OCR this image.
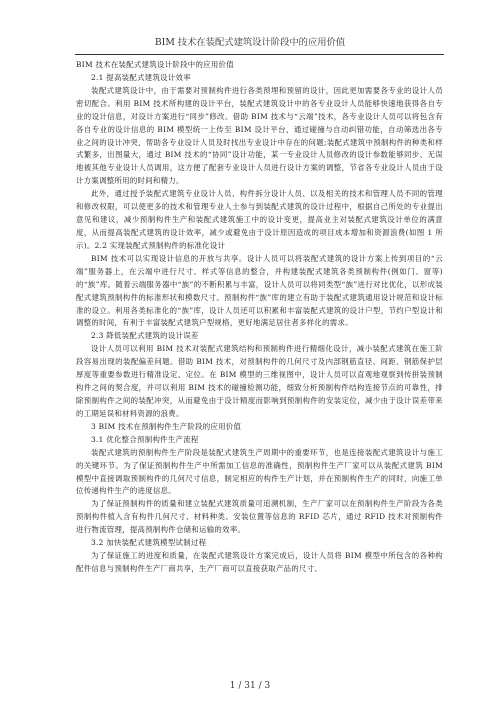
BIM 技术在装配式建筑设计阶段中的应用价值

BIM 技术在装配式建筑设计阶段中的应用价值

2.1 提高装配式建筑设计效率

装配式建筑设计中，由于需要对预制构件进行各类预埋和预留的设计，因此更加需要各专业的设计人员密切配合。利用 BIM 技术所构建的设计平台，装配式建筑设计中的各专业设计人员能够快速地获得各自专业的设计信息，对设计方案进行“同步”修改。借助 BIM 技术与“云端”技术，各专业设计人员可以将包含有各自专业的设计信息的 BIM 模型统一上传至 BIM 设计平台，通过碰撞与自动纠错功能，自动筛选出各专业之间的设计冲突，帮助各专业设计人员及时找出专业设计中存在的问题;装配式建筑中预制构件的种类和样式繁多，出图量大，通过 BIM 技术的“协同”设计功能，某一专业设计人员修改的设计参数能够同步、无误地被其他专业设计人员调用，这方便了配套专业设计人员进行设计方案的调整，节省各专业设计人员由于设计方案调整所用的时间和精力。

此外，通过授予装配式建筑专业设计人员、构件拆分设计人员、以及相关的技术和管理人员不同的管理和修改权限，可以使更多的技术和管理专业人士参与到装配式建筑的设计过程中，根据自己所处的专业提出意见和建议，减少预制构件生产和装配式建筑施工中的设计变更，提高业主对装配式建筑设计单位的满意度，从而提高装配式建筑的设计效率，减少或避免由于设计原因造成的项目成本增加和资源浪费(如图 1 所示)。2.2 实现装配式预制构件的标准化设计

BIM 技术可以实现设计信息的开放与共享。设计人员可以将装配式建筑的设计方案上传到项目的“云端”服务器上，在云端中进行尺寸、样式等信息的整合，并构建装配式建筑各类预制构件(例如门、窗等)的“族”库。随着云端服务器中“族”的不断积累与丰富，设计人员可以将同类型“族”进行对比优化，以形成装配式建筑预制构件的标准形状和模数尺寸。预制构件“族”库的建立有助于装配式建筑通用设计规范和设计标准的设立。利用各类标准化的“族”库，设计人员还可以积累和丰富装配式建筑的设计户型，节约户型设计和调整的时间，有利于丰富装配式建筑户型规格，更好地满足居住者多样化的需求。

2.3 降低装配式建筑的设计误差

设计人员可以利用 BIM 技术对装配式建筑结构和预制构件进行精细化设计，减小装配式建筑在施工阶段容易出现的装配偏差问题。借助 BIM 技术，对预制构件的几何尺寸及内部钢筋直径、间距、钢筋保护层厚度等重要参数进行精准设定、定位。在 BIM 模型的三维视图中，设计人员可以直观地观察到传拼装预制构件之间的契合度，并可以利用 BIM 技术的碰撞检测功能，细致分析预制构件结构连接节点的可靠性，排除预制构件之间的装配冲突，从而避免由于设计精度而影响到预制构件的安装定位，减少由于设计误差带来的工期延误和材料资源的浪费。

3 BIM 技术在预制构件生产阶段的应用价值

3.1 优化整合预制构件生产流程

装配式建筑的预制构件生产阶段是装配式建筑生产周期中的重要环节，也是连接装配式建筑设计与施工的关键环节。为了保证预制构件生产中所需加工信息的准确性，预制构件生产厂家可以从装配式建筑 BIM 模型中直接调取预制构件的几何尺寸信息，制定相应的构件生产计划，并在预制构件生产的同时，向施工单位传递构件生产的进度信息。

为了保证预制构件的质量和建立装配式建筑质量可追溯机制，生产厂家可以在预制构件生产阶段为各类预制构件植入含有构件几何尺寸、材料种类、安装位置等信息的 RFID 芯片，通过 RFID 技术对预制构件进行物流管理，提高预制构件仓储和运输的效率。

3.2 加快装配式建筑模型试制过程

为了保证施工的进度和质量，在装配式建筑设计方案完成后，设计人员将 BIM 模型中所包含的各种构配件信息与预制构件生产厂商共享，生产厂商可以直接获取产品的尺寸、

1 / 31 / 3
